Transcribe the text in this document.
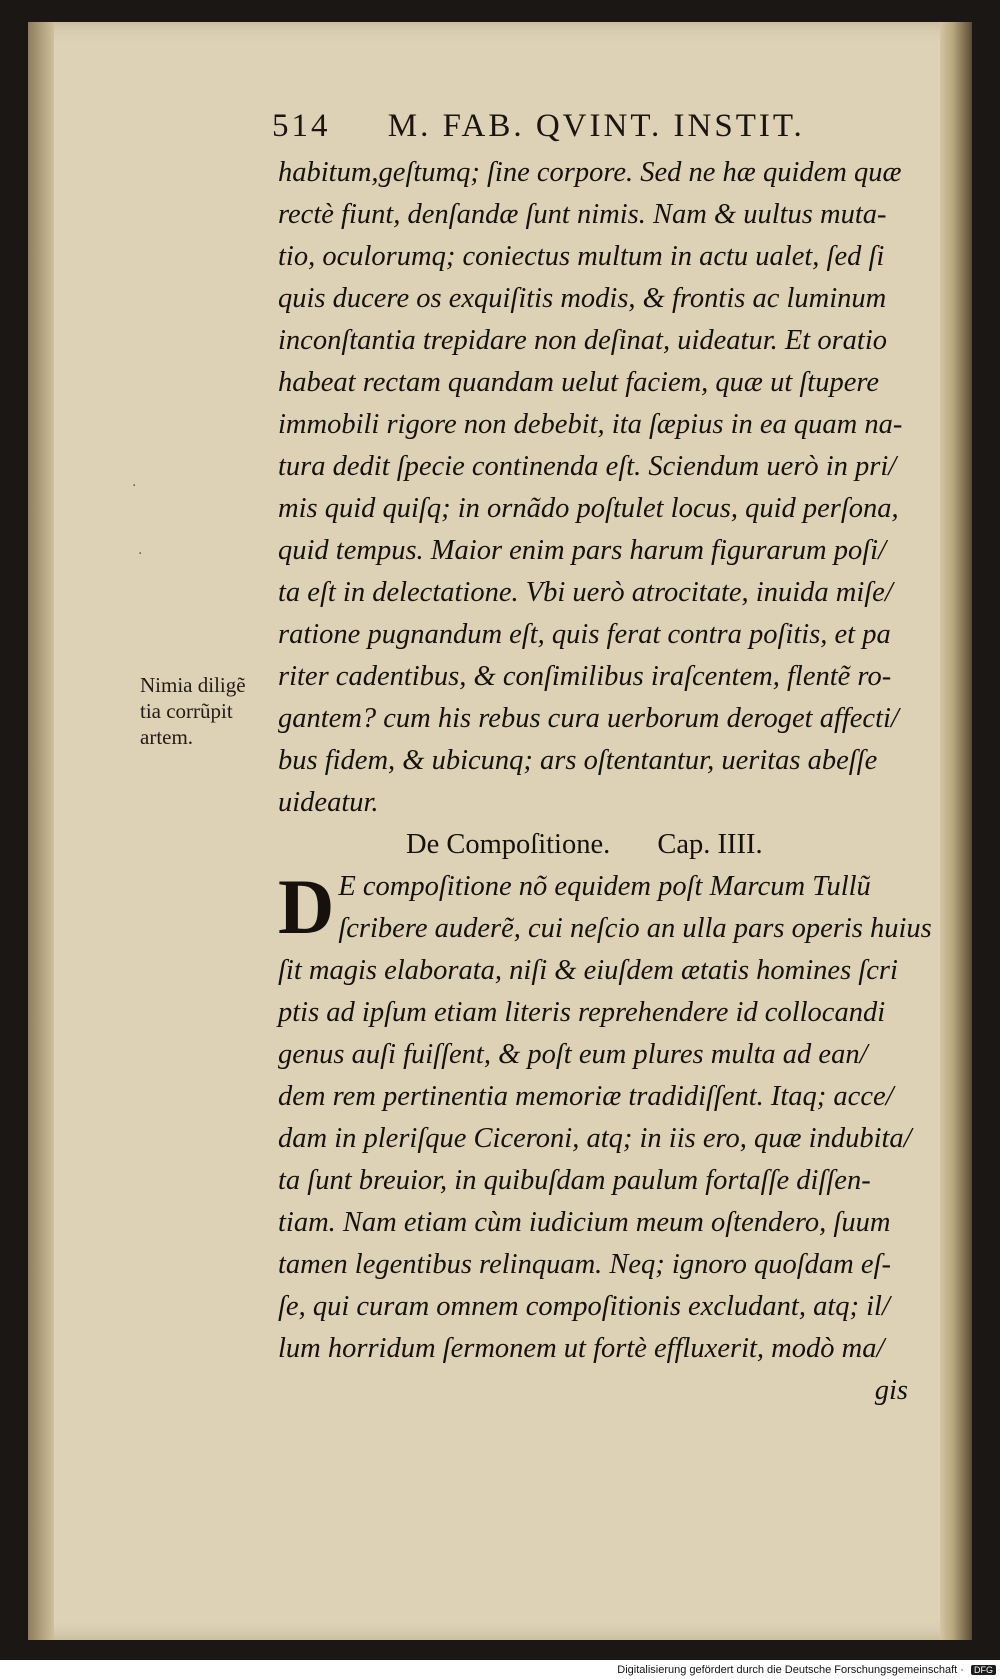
514 M. FAB. QVINT. INSTIT.
·
·
Nimia diligẽ
tia corrũpit
artem.
habitum,geſtumq; ſine corpore. Sed ne hæ quidem quæ
rectè fiunt, denſandæ ſunt nimis. Nam & uultus muta-
tio, oculorumq; coniectus multum in actu ualet, ſed ſi
quis ducere os exquiſitis modis, & frontis ac luminum
inconſtantia trepidare non deſinat, uideatur. Et oratio
habeat rectam quandam uelut faciem, quæ ut ſtupere
immobili rigore non debebit, ita ſæpius in ea quam na-
tura dedit ſpecie continenda eſt. Sciendum uerò in pri/
mis quid quiſq; in ornãdo poſtulet locus, quid perſona,
quid tempus. Maior enim pars harum figurarum poſi/
ta eſt in delectatione. Vbi uerò atrocitate, inuida miſe/
ratione pugnandum eſt, quis ferat contra poſitis, et pa
riter cadentibus, & conſimilibus iraſcentem, flentẽ ro-
gantem? cum his rebus cura uerborum deroget affecti/
bus fidem, & ubicunq; ars oſtentantur, ueritas abeſſe
uideatur.
De Compoſitione. Cap. IIII.
D E compoſitione nõ equidem poſt Marcum Tullũ
ſcribere auderẽ, cui neſcio an ulla pars operis huius
ſit magis elaborata, niſi & eiuſdem ætatis homines ſcri
ptis ad ipſum etiam literis reprehendere id collocandi
genus auſi fuiſſent, & poſt eum plures multa ad ean/
dem rem pertinentia memoriæ tradidiſſent. Itaq; acce/
dam in pleriſque Ciceroni, atq; in iis ero, quæ indubita/
ta ſunt breuior, in quibuſdam paulum fortaſſe diſſen-
tiam. Nam etiam cùm iudicium meum oſtendero, ſuum
tamen legentibus relinquam. Neq; ignoro quoſdam eſ-
ſe, qui curam omnem compoſitionis excludant, atq; il/
lum horridum ſermonem ut fortè effluxerit, modò ma/
gis
Digitalisierung gefördert durch die Deutsche Forschungsgemeinschaft · DFG
